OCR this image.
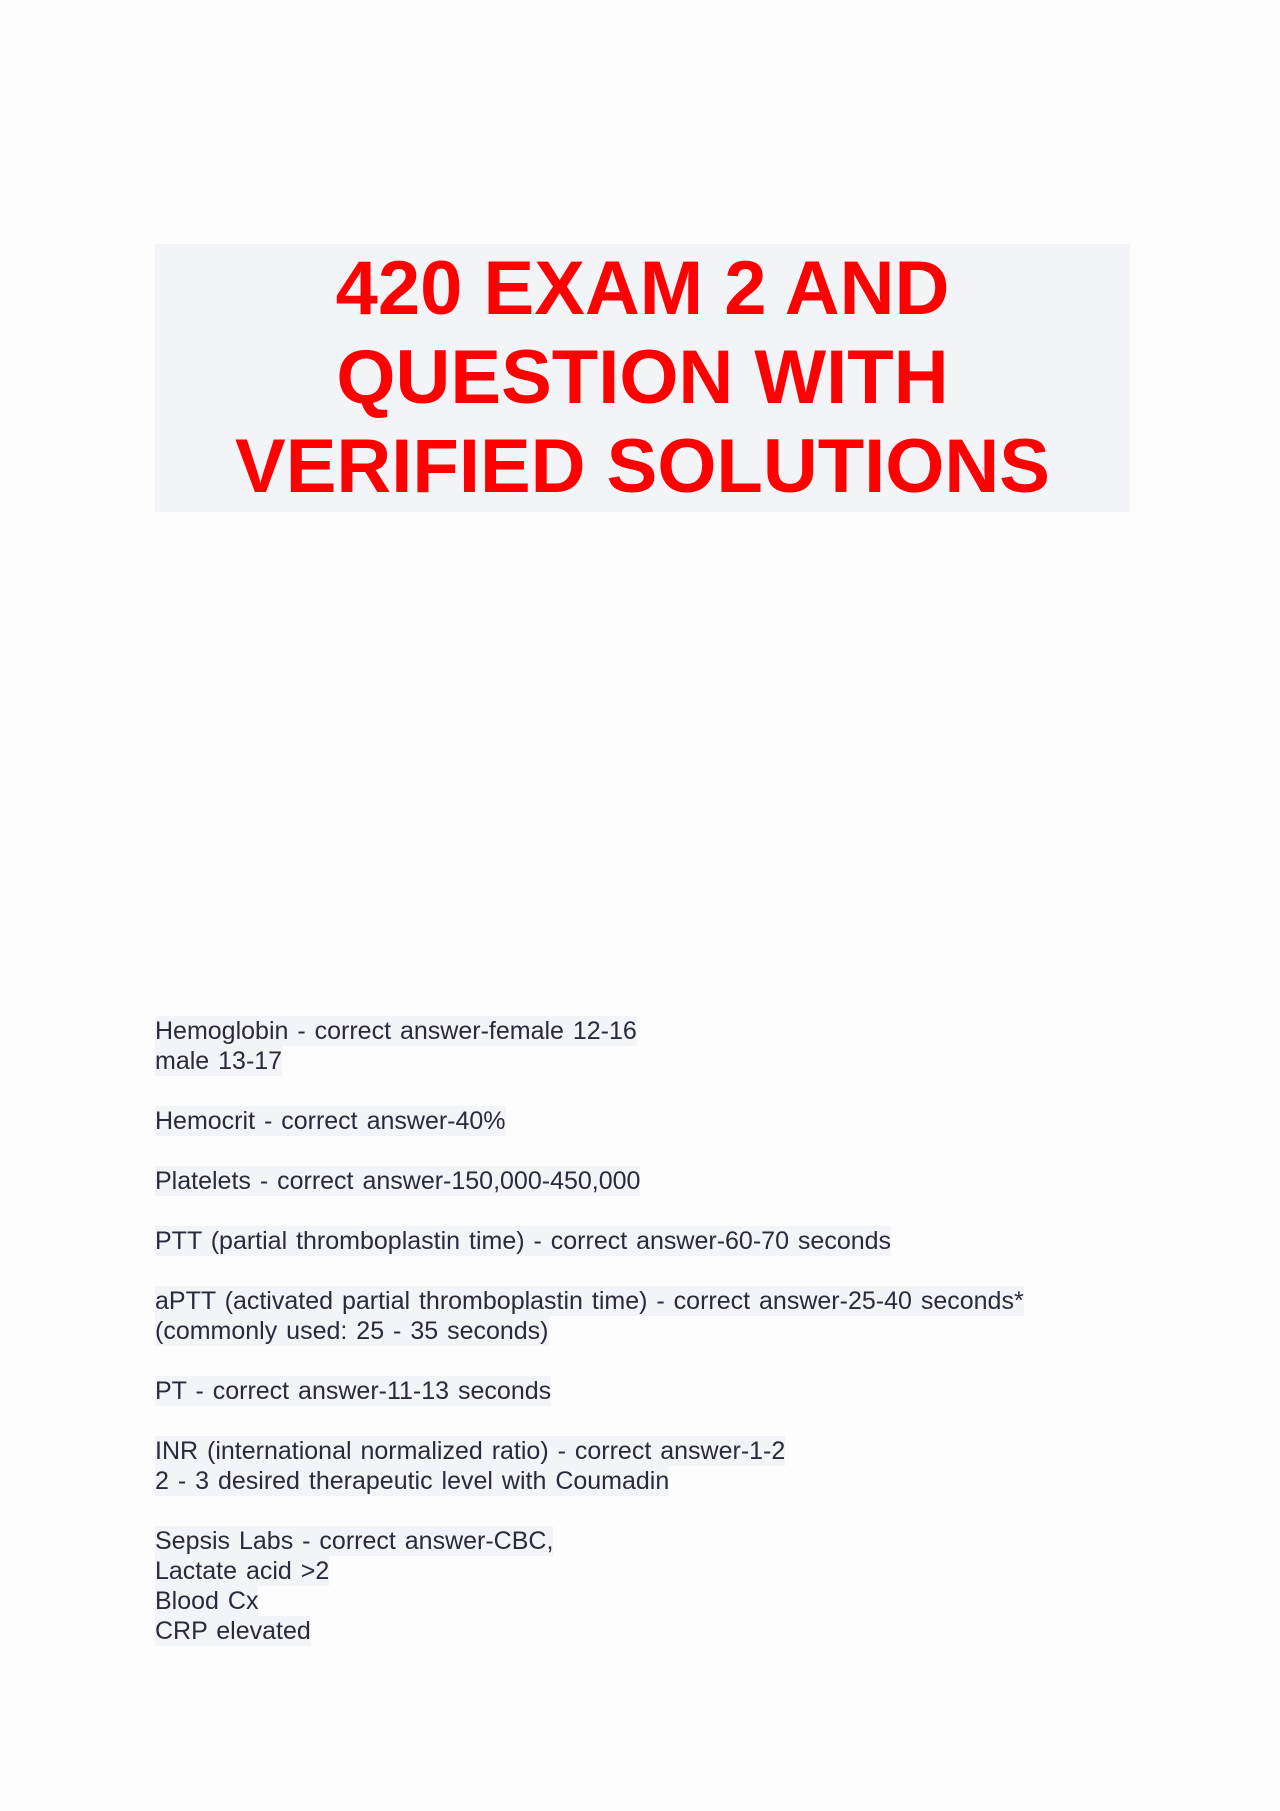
420 EXAM 2 AND
QUESTION WITH
VERIFIED SOLUTIONS
Hemoglobin - correct answer-female 12-16
male 13-17
Hemocrit - correct answer-40%
Platelets - correct answer-150,000-450,000
PTT (partial thromboplastin time) - correct answer-60-70 seconds
aPTT (activated partial thromboplastin time) - correct answer-25-40 seconds*
(commonly used: 25 - 35 seconds)
PT - correct answer-11-13 seconds
INR (international normalized ratio) - correct answer-1-2
2 - 3 desired therapeutic level with Coumadin
Sepsis Labs - correct answer-CBC,
Lactate acid >2
Blood Cx
CRP elevated
